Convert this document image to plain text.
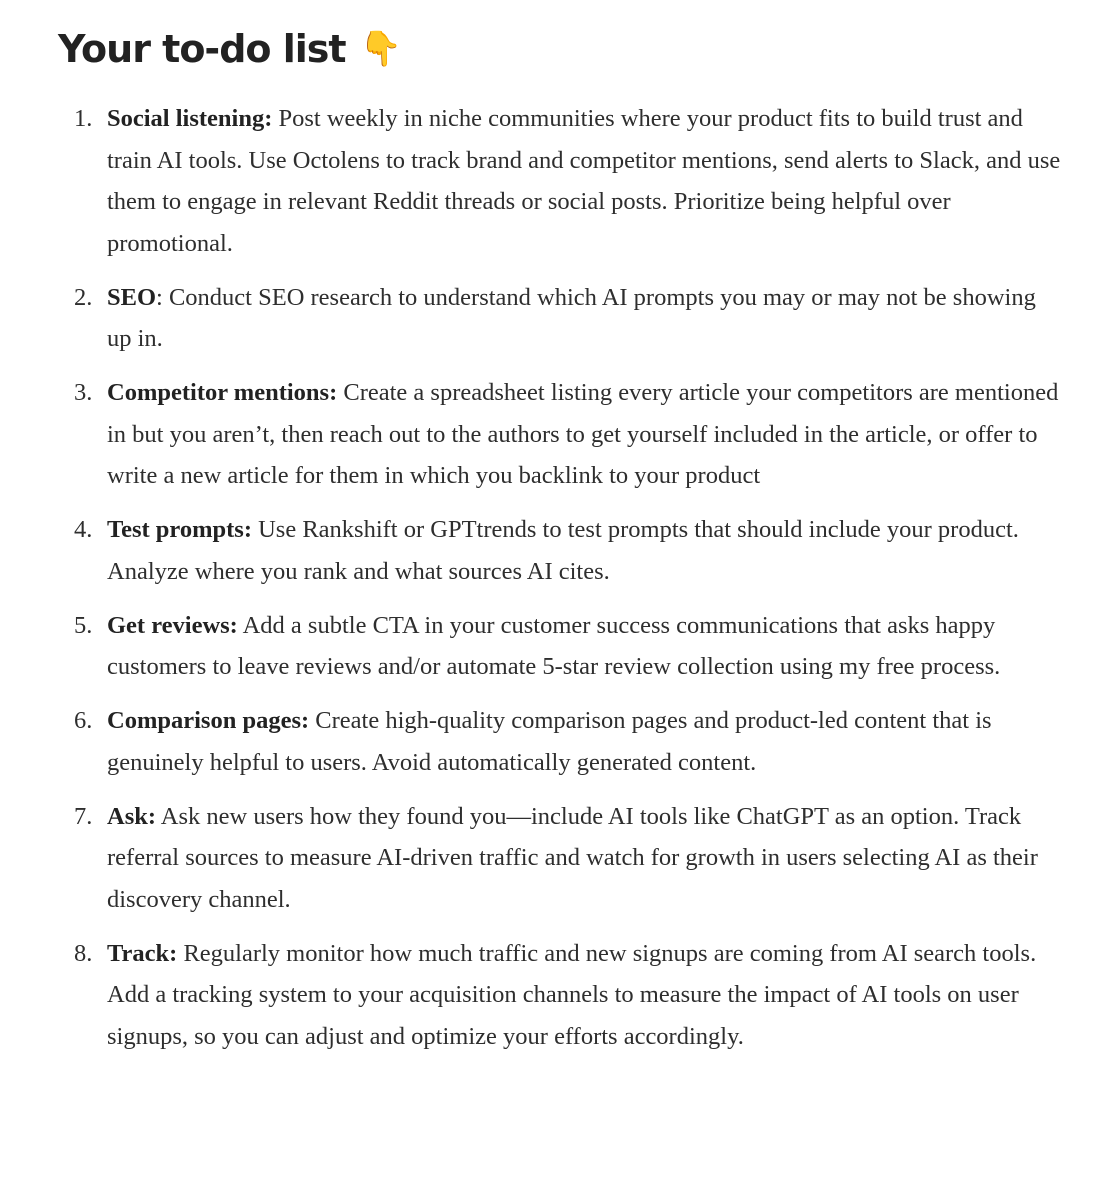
Your to-do list 👇
1. Social listening: Post weekly in niche communities where your product fits to build trust and train AI tools. Use Octolens to track brand and competitor mentions, send alerts to Slack, and use them to engage in relevant Reddit threads or social posts. Prioritize being helpful over promotional.
2. SEO: Conduct SEO research to understand which AI prompts you may or may not be showing up in.
3. Competitor mentions: Create a spreadsheet listing every article your competitors are mentioned in but you aren’t, then reach out to the authors to get yourself included in the article, or offer to write a new article for them in which you backlink to your product
4. Test prompts: Use Rankshift or GPTtrends to test prompts that should include your product. Analyze where you rank and what sources AI cites.
5. Get reviews: Add a subtle CTA in your customer success communications that asks happy customers to leave reviews and/or automate 5-star review collection using my free process.
6. Comparison pages: Create high-quality comparison pages and product-led content that is genuinely helpful to users. Avoid automatically generated content.
7. Ask: Ask new users how they found you—include AI tools like ChatGPT as an option. Track referral sources to measure AI-driven traffic and watch for growth in users selecting AI as their discovery channel.
8. Track: Regularly monitor how much traffic and new signups are coming from AI search tools. Add a tracking system to your acquisition channels to measure the impact of AI tools on user signups, so you can adjust and optimize your efforts accordingly.
